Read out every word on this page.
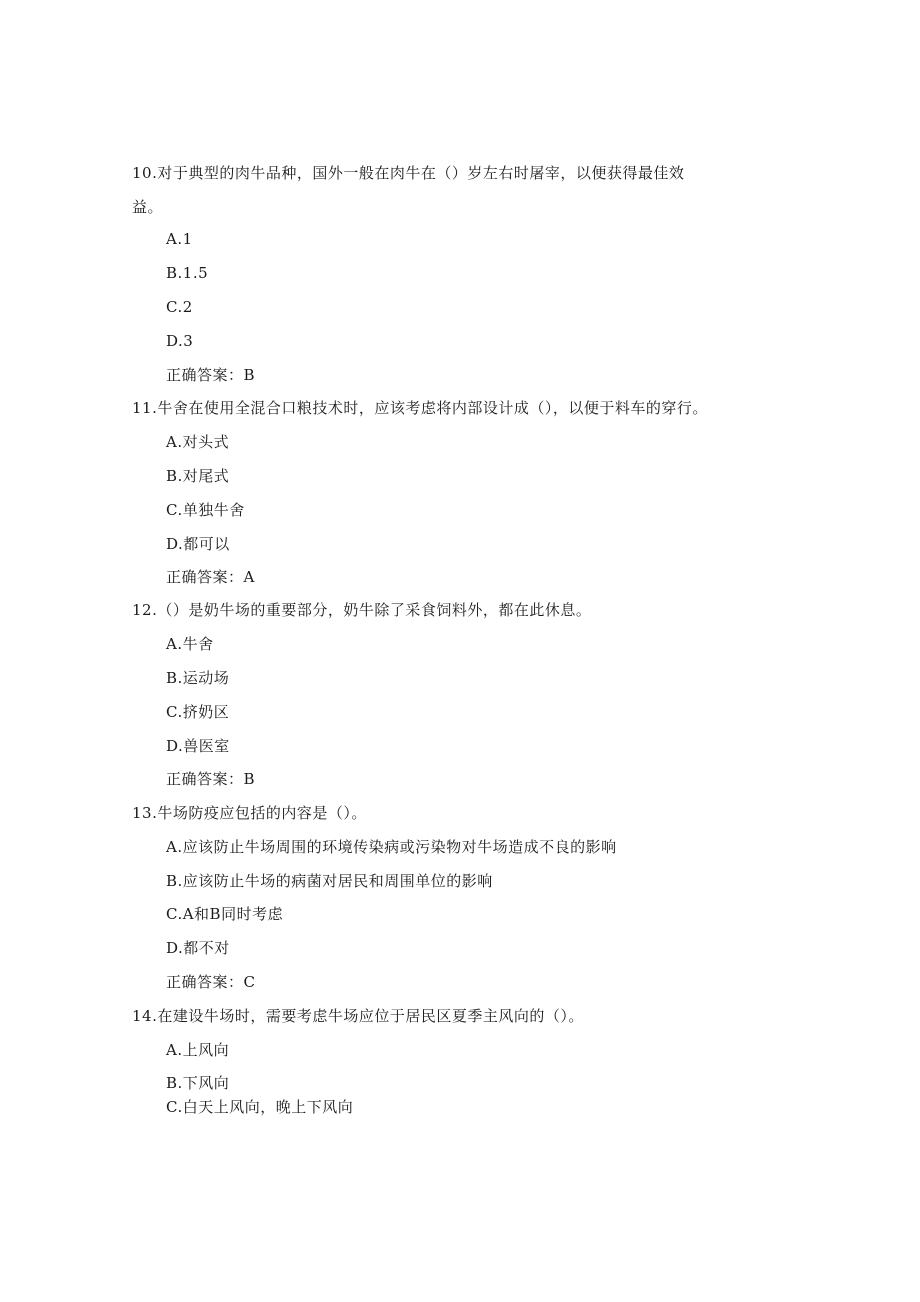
10.对于典型的肉牛品种，国外一般在肉牛在（）岁左右时屠宰，以便获得最佳效
益。
A.1
B.1.5
C.2
D.3
正确答案：B
11.牛舍在使用全混合口粮技术时，应该考虑将内部设计成（），以便于料车的穿行。
A.对头式
B.对尾式
C.单独牛舍
D.都可以
正确答案：A
12.（）是奶牛场的重要部分，奶牛除了采食饲料外，都在此休息。
A.牛舍
B.运动场
C.挤奶区
D.兽医室
正确答案：B
13.牛场防疫应包括的内容是（）。
A.应该防止牛场周围的环境传染病或污染物对牛场造成不良的影响
B.应该防止牛场的病菌对居民和周围单位的影响
C.A和B同时考虑
D.都不对
正确答案：C
14.在建设牛场时，需要考虑牛场应位于居民区夏季主风向的（）。
A.上风向
B.下风向
C.白天上风向，晚上下风向
